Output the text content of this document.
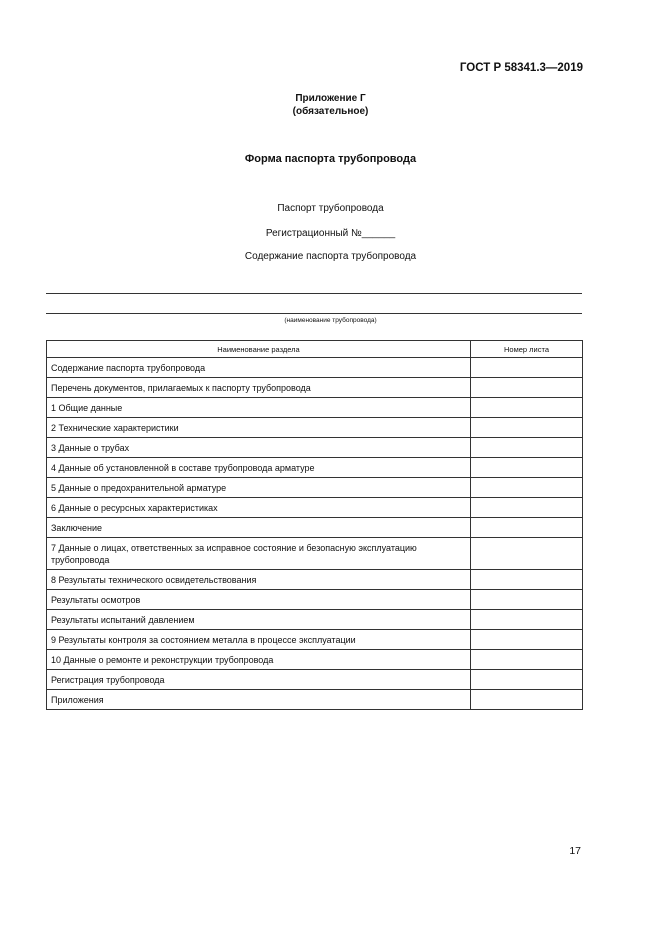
ГОСТ Р 58341.3—2019
Приложение Г
(обязательное)
Форма паспорта трубопровода
Паспорт трубопровода
Регистрационный №______
Содержание паспорта трубопровода
(наименование трубопровода)
Наименование раздела	Номер листа
Содержание паспорта трубопровода	
Перечень документов, прилагаемых к паспорту трубопровода	
1 Общие данные	
2 Технические характеристики	
3 Данные о трубах	
4 Данные об установленной в составе трубопровода арматуре	
5 Данные о предохранительной арматуре	
6 Данные о ресурсных характеристиках	
Заключение	
7 Данные о лицах, ответственных за исправное состояние и безопасную эксплуатацию трубопровода	
8 Результаты технического освидетельствования	
Результаты осмотров	
Результаты испытаний давлением	
9 Результаты контроля за состоянием металла в процессе эксплуатации	
10 Данные о ремонте и реконструкции трубопровода	
Регистрация трубопровода	
Приложения	
17
